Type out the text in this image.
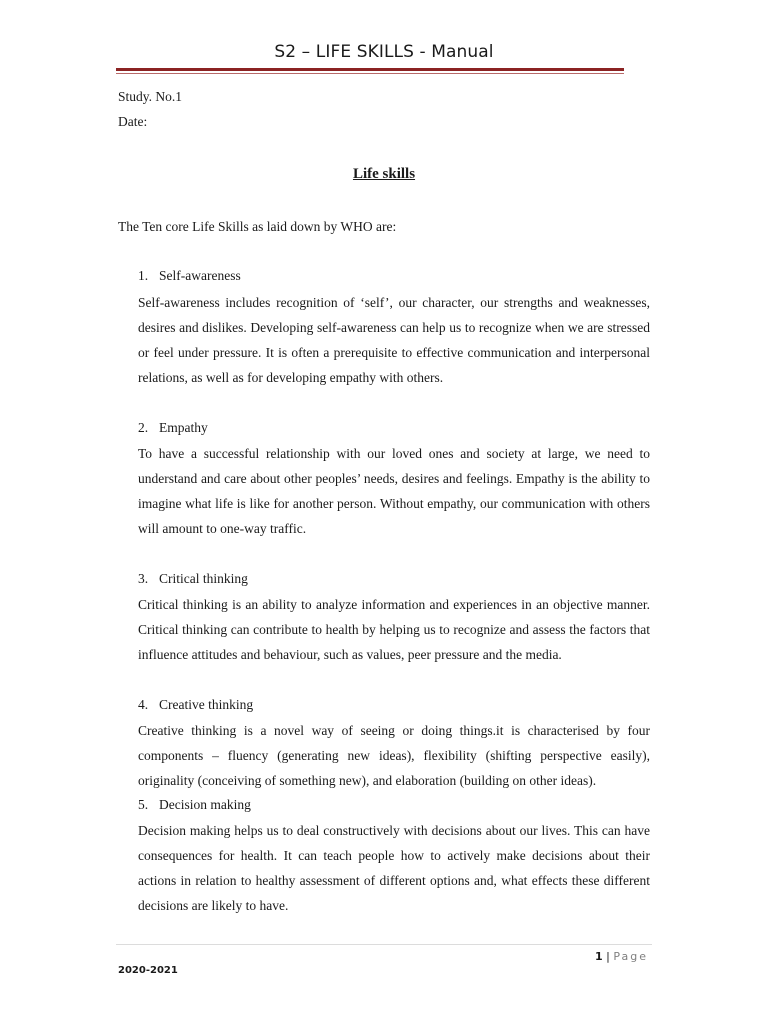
S2 – LIFE SKILLS - Manual
Study. No.1
Date:
Life skills
The Ten core Life Skills as laid down by WHO are:
1. Self-awareness
Self-awareness includes recognition of ‘self’, our character, our strengths and weaknesses, desires and dislikes. Developing self-awareness can help us to recognize when we are stressed or feel under pressure. It is often a prerequisite to effective communication and interpersonal relations, as well as for developing empathy with others.
2. Empathy
To have a successful relationship with our loved ones and society at large, we need to understand and care about other peoples’ needs, desires and feelings. Empathy is the ability to imagine what life is like for another person. Without empathy, our communication with others will amount to one-way traffic.
3. Critical thinking
Critical thinking is an ability to analyze information and experiences in an objective manner. Critical thinking can contribute to health by helping us to recognize and assess the factors that influence attitudes and behaviour, such as values, peer pressure and the media.
4. Creative thinking
Creative thinking is a novel way of seeing or doing things.it is characterised by four components – fluency (generating new ideas), flexibility (shifting perspective easily), originality (conceiving of something new), and elaboration (building on other ideas).
5. Decision making
Decision making helps us to deal constructively with decisions about our lives. This can have consequences for health. It can teach people how to actively make decisions about their actions in relation to healthy assessment of different options and, what effects these different decisions are likely to have.
1 | Page
2020-2021
